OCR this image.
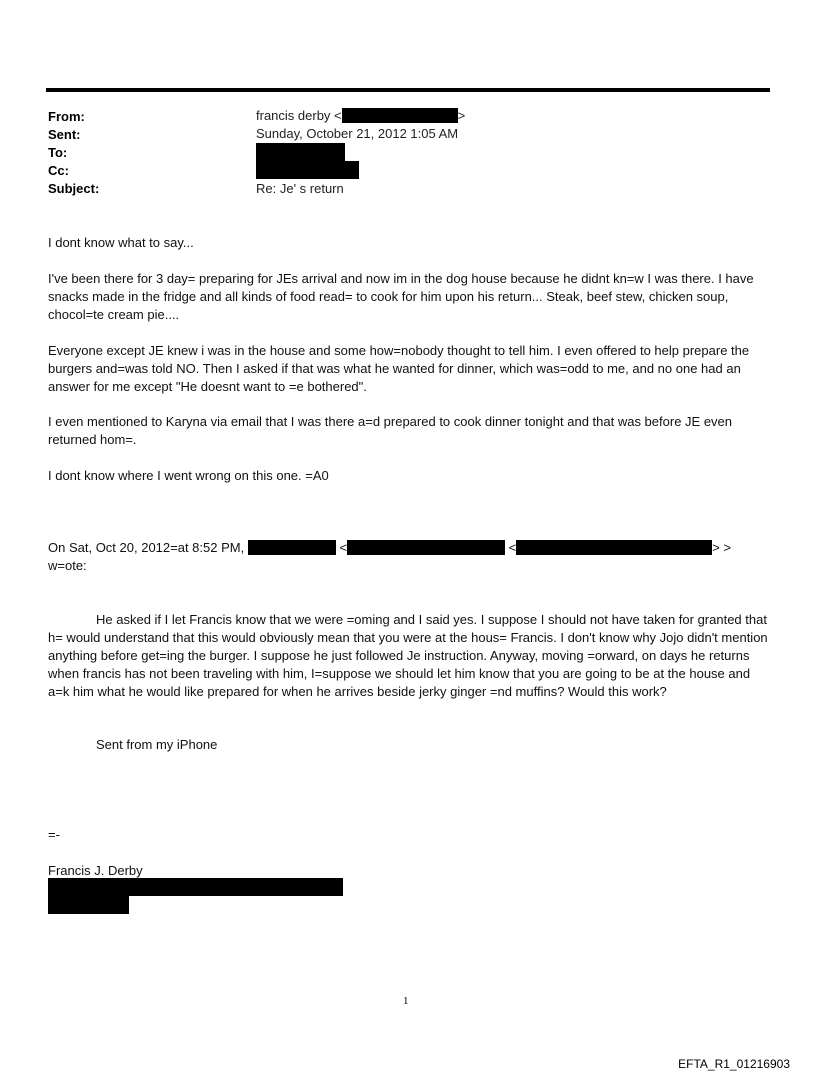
From:	francis derby <	>
Sent:	Sunday, October 21, 2012 1:05 AM
To:
Cc:
Subject:	Re: Je' s return

I dont know what to say...

I've been there for 3 day= preparing for JEs arrival and now im in the dog house because he didnt kn=w I was there. I have snacks made in the fridge and all kinds of food read= to cook for him upon his return... Steak, beef stew, chicken soup, chocol=te cream pie....

Everyone except JE knew i was in the house and some how=nobody thought to tell him. I even offered to help prepare the burgers and=was told NO. Then I asked if that was what he wanted for dinner, which was=odd to me, and no one had an answer for me except "He doesnt want to =e bothered".

I even mentioned to Karyna via email that I was there a=d prepared to cook dinner tonight and that was before JE even returned hom=.

I dont know where I went wrong on this one. =A0

On Sat, Oct 20, 2012=at 8:52 PM,	<	<	> >
w=ote:

He asked if I let Francis know that we were =oming and I said yes. I suppose I should not have taken for granted that h= would understand that this would obviously mean that you were at the hous= Francis. I don't know why Jojo didn't mention anything before get=ing the burger. I suppose he just followed Je instruction. Anyway, moving =orward, on days he returns when francis has not been traveling with him, I=suppose we should let him know that you are going to be at the house and a=k him what he would like prepared for when he arrives beside jerky ginger =nd muffins? Would this work?

Sent from my iPhone

=-
Francis J. Derby
1
EFTA_R1_01216903
